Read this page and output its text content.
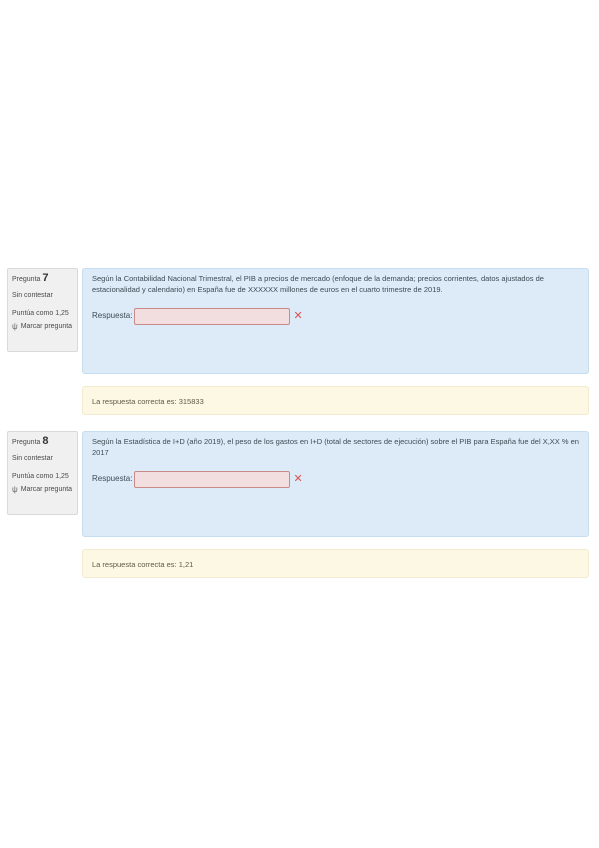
Pregunta 7
Sin contestar
Puntúa como 1,25
ψ Marcar pregunta
Según la Contabilidad Nacional Trimestral, el PIB a precios de mercado (enfoque de la demanda; precios corrientes, datos ajustados de estacionalidad y calendario) en España fue de XXXXXX millones de euros en el cuarto trimestre de 2019.
Respuesta:	✕
La respuesta correcta es: 315833
Pregunta 8
Sin contestar
Puntúa como 1,25
ψ Marcar pregunta
Según la Estadística de I+D (año 2019), el peso de los gastos en I+D (total de sectores de ejecución) sobre el PIB para España fue del X,XX % en 2017
Respuesta:	✕
La respuesta correcta es: 1,21
